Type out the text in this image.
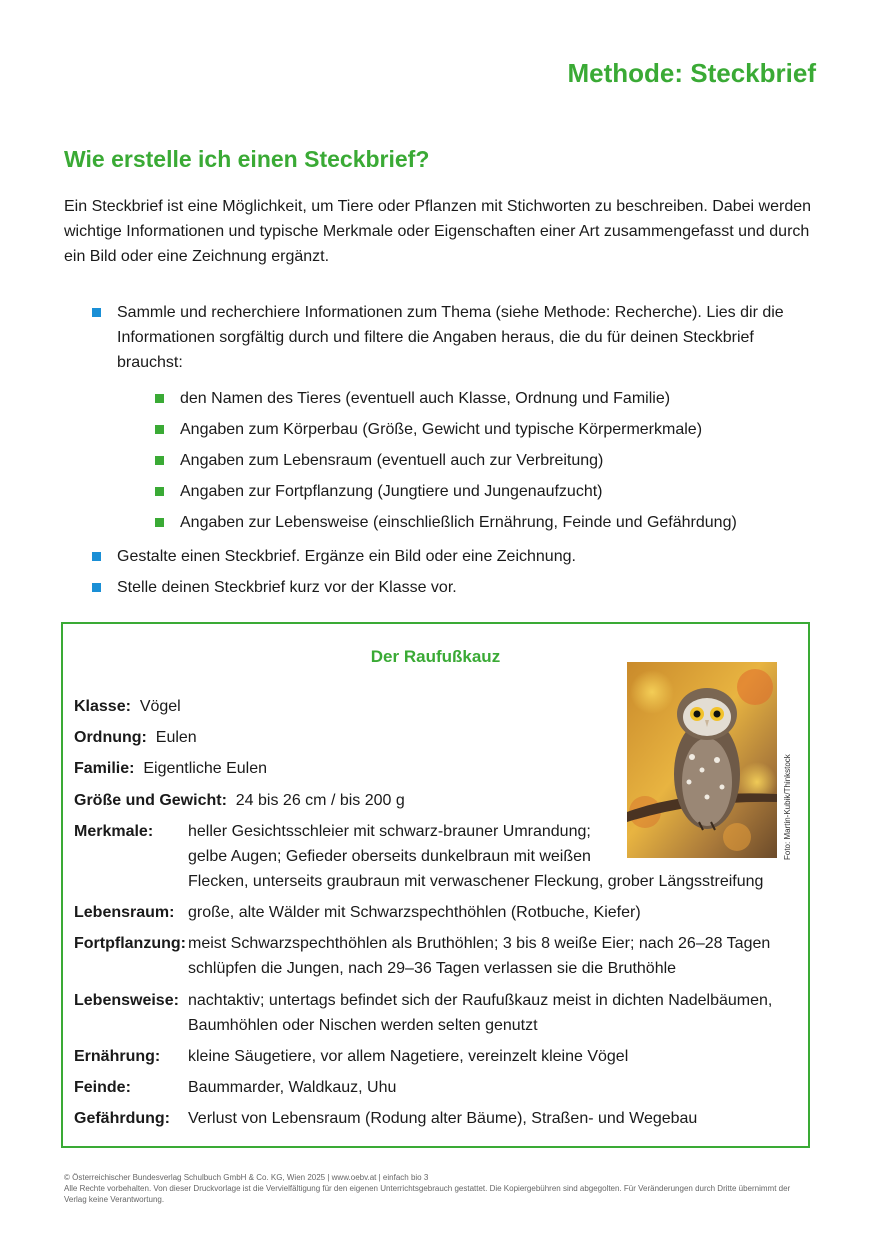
Methode: Steckbrief
Wie erstelle ich einen Steckbrief?

Ein Steckbrief ist eine Möglichkeit, um Tiere oder Pflanzen mit Stichworten zu beschreiben. Dabei werden wichtige Informationen und typische Merkmale oder Eigenschaften einer Art zusammengefasst und durch ein Bild oder eine Zeichnung ergänzt.

Sammle und recherchiere Informationen zum Thema (siehe Methode: Recherche). Lies dir die Informationen sorgfältig durch und filtere die Angaben heraus, die du für deinen Steckbrief brauchst:
den Namen des Tieres (eventuell auch Klasse, Ordnung und Familie)
Angaben zum Körperbau (Größe, Gewicht und typische Körpermerkmale)
Angaben zum Lebensraum (eventuell auch zur Verbreitung)
Angaben zur Fortpflanzung (Jungtiere und Jungenaufzucht)
Angaben zur Lebensweise (einschließlich Ernährung, Feinde und Gefährdung)
Gestalte einen Steckbrief. Ergänze ein Bild oder eine Zeichnung.
Stelle deinen Steckbrief kurz vor der Klasse vor.
Der Raufußkauz
Foto: Martin-Kubik/Thinkstock
Klasse: Vögel
Ordnung: Eulen
Familie: Eigentliche Eulen
Größe und Gewicht: 24 bis 26 cm / bis 200 g
Merkmale: heller Gesichtsschleier mit schwarz-brauner Umrandung;
gelbe Augen; Gefieder oberseits dunkelbraun mit weißen
Flecken, unterseits graubraun mit verwaschener Fleckung, grober Längsstreifung
Lebensraum: große, alte Wälder mit Schwarzspechthöhlen (Rotbuche, Kiefer)
Fortpflanzung: meist Schwarzspechthöhlen als Bruthöhlen; 3 bis 8 weiße Eier; nach 26–28 Tagen schlüpfen die Jungen, nach 29–36 Tagen verlassen sie die Bruthöhle
Lebensweise: nachtaktiv; untertags befindet sich der Raufußkauz meist in dichten Nadelbäumen, Baumhöhlen oder Nischen werden selten genutzt
Ernährung: kleine Säugetiere, vor allem Nagetiere, vereinzelt kleine Vögel
Feinde:	Baummarder, Waldkauz, Uhu
Gefährdung: Verlust von Lebensraum (Rodung alter Bäume), Straßen- und Wegebau

© Österreichischer Bundesverlag Schulbuch GmbH & Co. KG, Wien 2025 | www.oebv.at | einfach bio 3

Alle Rechte vorbehalten. Von dieser Druckvorlage ist die Vervielfältigung für den eigenen Unterrichtsgebrauch gestattet. Die Kopiergebühren sind abgegolten. Für Veränderungen durch Dritte übernimmt der Verlag keine Verantwortung.
